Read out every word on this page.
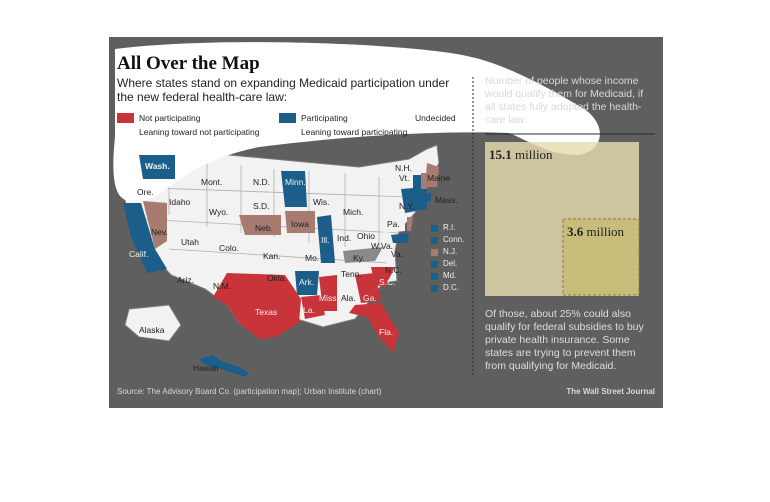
All Over the Map
Where states stand on expanding Medicaid participation under the new federal health-care law:
Not participating
Leaning toward not participating
Participating
Leaning toward participating
Undecided
Wash.
Ore.
Idaho
Mont.
Wyo.
N.D.
S.D.
Minn.
Wis.
Mich.
Nev.
Utah
Colo.
Neb. Iowa
Ill. Ind. Ohio
Pa.
N.Y.
N.H.
Vt. Maine
Mass.
W.Va.
Va.
Calif.
Ariz.
N.M.
Kan.	Mo.	Ky.
Tenn.	N.C.
S.C.
Okla. Ark.
Miss Ala. Ga.
Texas	La.
Fla.
Alaska
Hawaii
R.I.
Conn.
N.J.
Del.
Md.
D.C.
Number of people whose income would qualify them for Medicaid, if all states fully adopted the health-care law.
15.1 million
3.6 million
Of those, about 25% could also qualify for federal subsidies to buy private health insurance. Some states are trying to prevent them from qualifying for Medicaid.
Source: The Advisory Board Co. (participation map); Urban Institute (chart)	The Wall Street Journal
